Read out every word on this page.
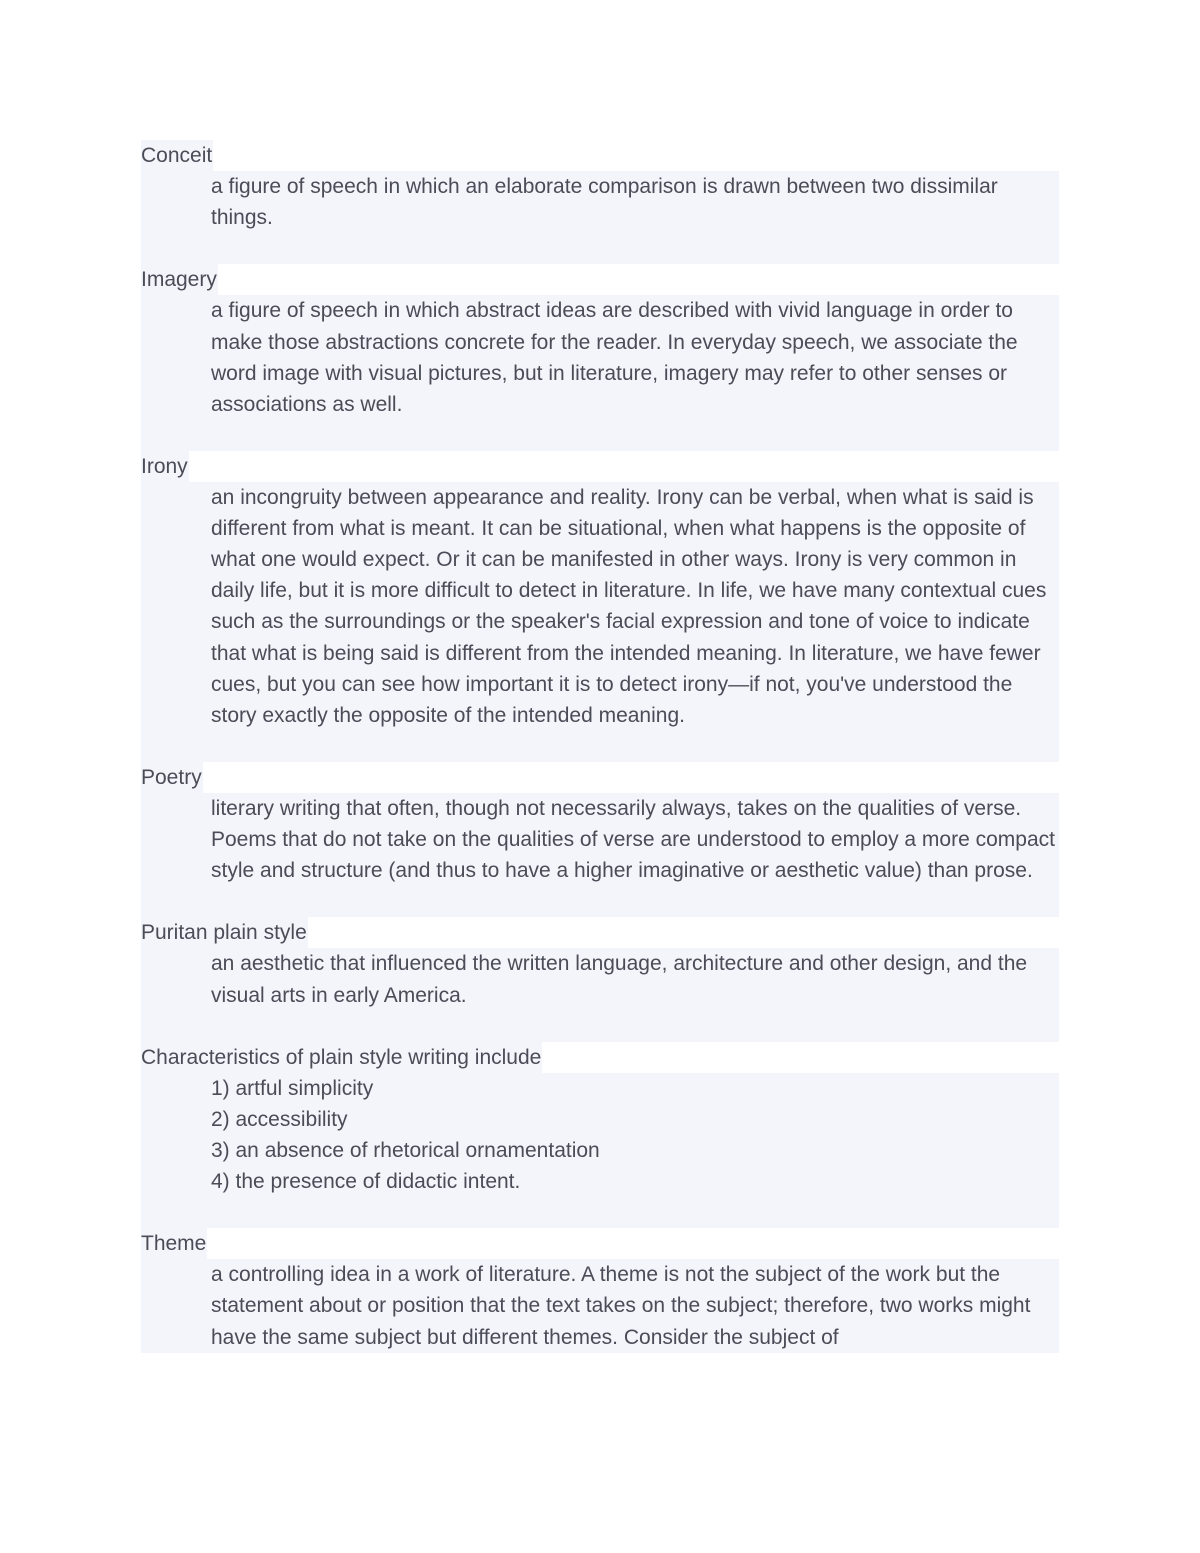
Conceit
a figure of speech in which an elaborate comparison is drawn between two dissimilar things.
Imagery
a figure of speech in which abstract ideas are described with vivid language in order to make those abstractions concrete for the reader. In everyday speech, we associate the word image with visual pictures, but in literature, imagery may refer to other senses or associations as well.
Irony
an incongruity between appearance and reality. Irony can be verbal, when what is said is different from what is meant. It can be situational, when what happens is the opposite of what one would expect. Or it can be manifested in other ways. Irony is very common in daily life, but it is more difficult to detect in literature. In life, we have many contextual cues such as the surroundings or the speaker's facial expression and tone of voice to indicate that what is being said is different from the intended meaning. In literature, we have fewer cues, but you can see how important it is to detect irony—if not, you've understood the story exactly the opposite of the intended meaning.
Poetry
literary writing that often, though not necessarily always, takes on the qualities of verse. Poems that do not take on the qualities of verse are understood to employ a more compact style and structure (and thus to have a higher imaginative or aesthetic value) than prose.
Puritan plain style
an aesthetic that influenced the written language, architecture and other design, and the visual arts in early America.
Characteristics of plain style writing include
1) artful simplicity
2) accessibility
3) an absence of rhetorical ornamentation
4) the presence of didactic intent.
Theme
a controlling idea in a work of literature. A theme is not the subject of the work but the statement about or position that the text takes on the subject; therefore, two works might have the same subject but different themes. Consider the subject of
